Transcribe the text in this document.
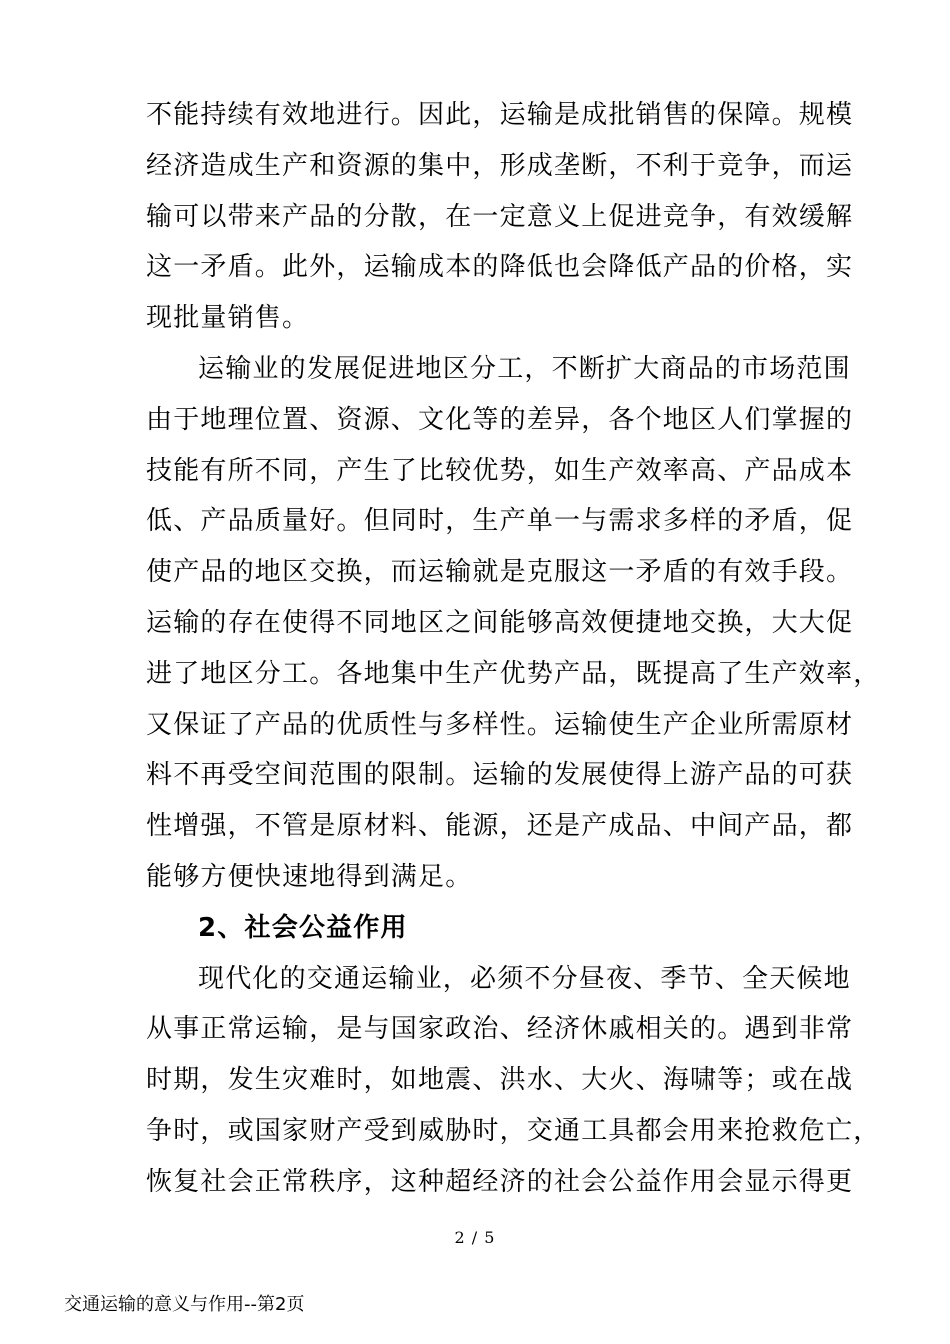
不能持续有效地进行。因此，运输是成批销售的保障。规模
经济造成生产和资源的集中，形成垄断，不利于竞争，而运
输可以带来产品的分散，在一定意义上促进竞争，有效缓解
这一矛盾。此外，运输成本的降低也会降低产品的价格，实
现批量销售。
运输业的发展促进地区分工，不断扩大商品的市场范围
由于地理位置、资源、文化等的差异，各个地区人们掌握的
技能有所不同，产生了比较优势，如生产效率高、产品成本
低、产品质量好。但同时，生产单一与需求多样的矛盾，促
使产品的地区交换，而运输就是克服这一矛盾的有效手段。
运输的存在使得不同地区之间能够高效便捷地交换，大大促
进了地区分工。各地集中生产优势产品，既提高了生产效率，
又保证了产品的优质性与多样性。运输使生产企业所需原材
料不再受空间范围的限制。运输的发展使得上游产品的可获
性增强，不管是原材料、能源，还是产成品、中间产品，都
能够方便快速地得到满足。
2、社会公益作用
现代化的交通运输业，必须不分昼夜、季节、全天候地
从事正常运输，是与国家政治、经济休戚相关的。遇到非常
时期，发生灾难时，如地震、洪水、大火、海啸等；或在战
争时，或国家财产受到威胁时，交通工具都会用来抢救危亡，
恢复社会正常秩序，这种超经济的社会公益作用会显示得更
2 / 5
交通运输的意义与作用--第2页
